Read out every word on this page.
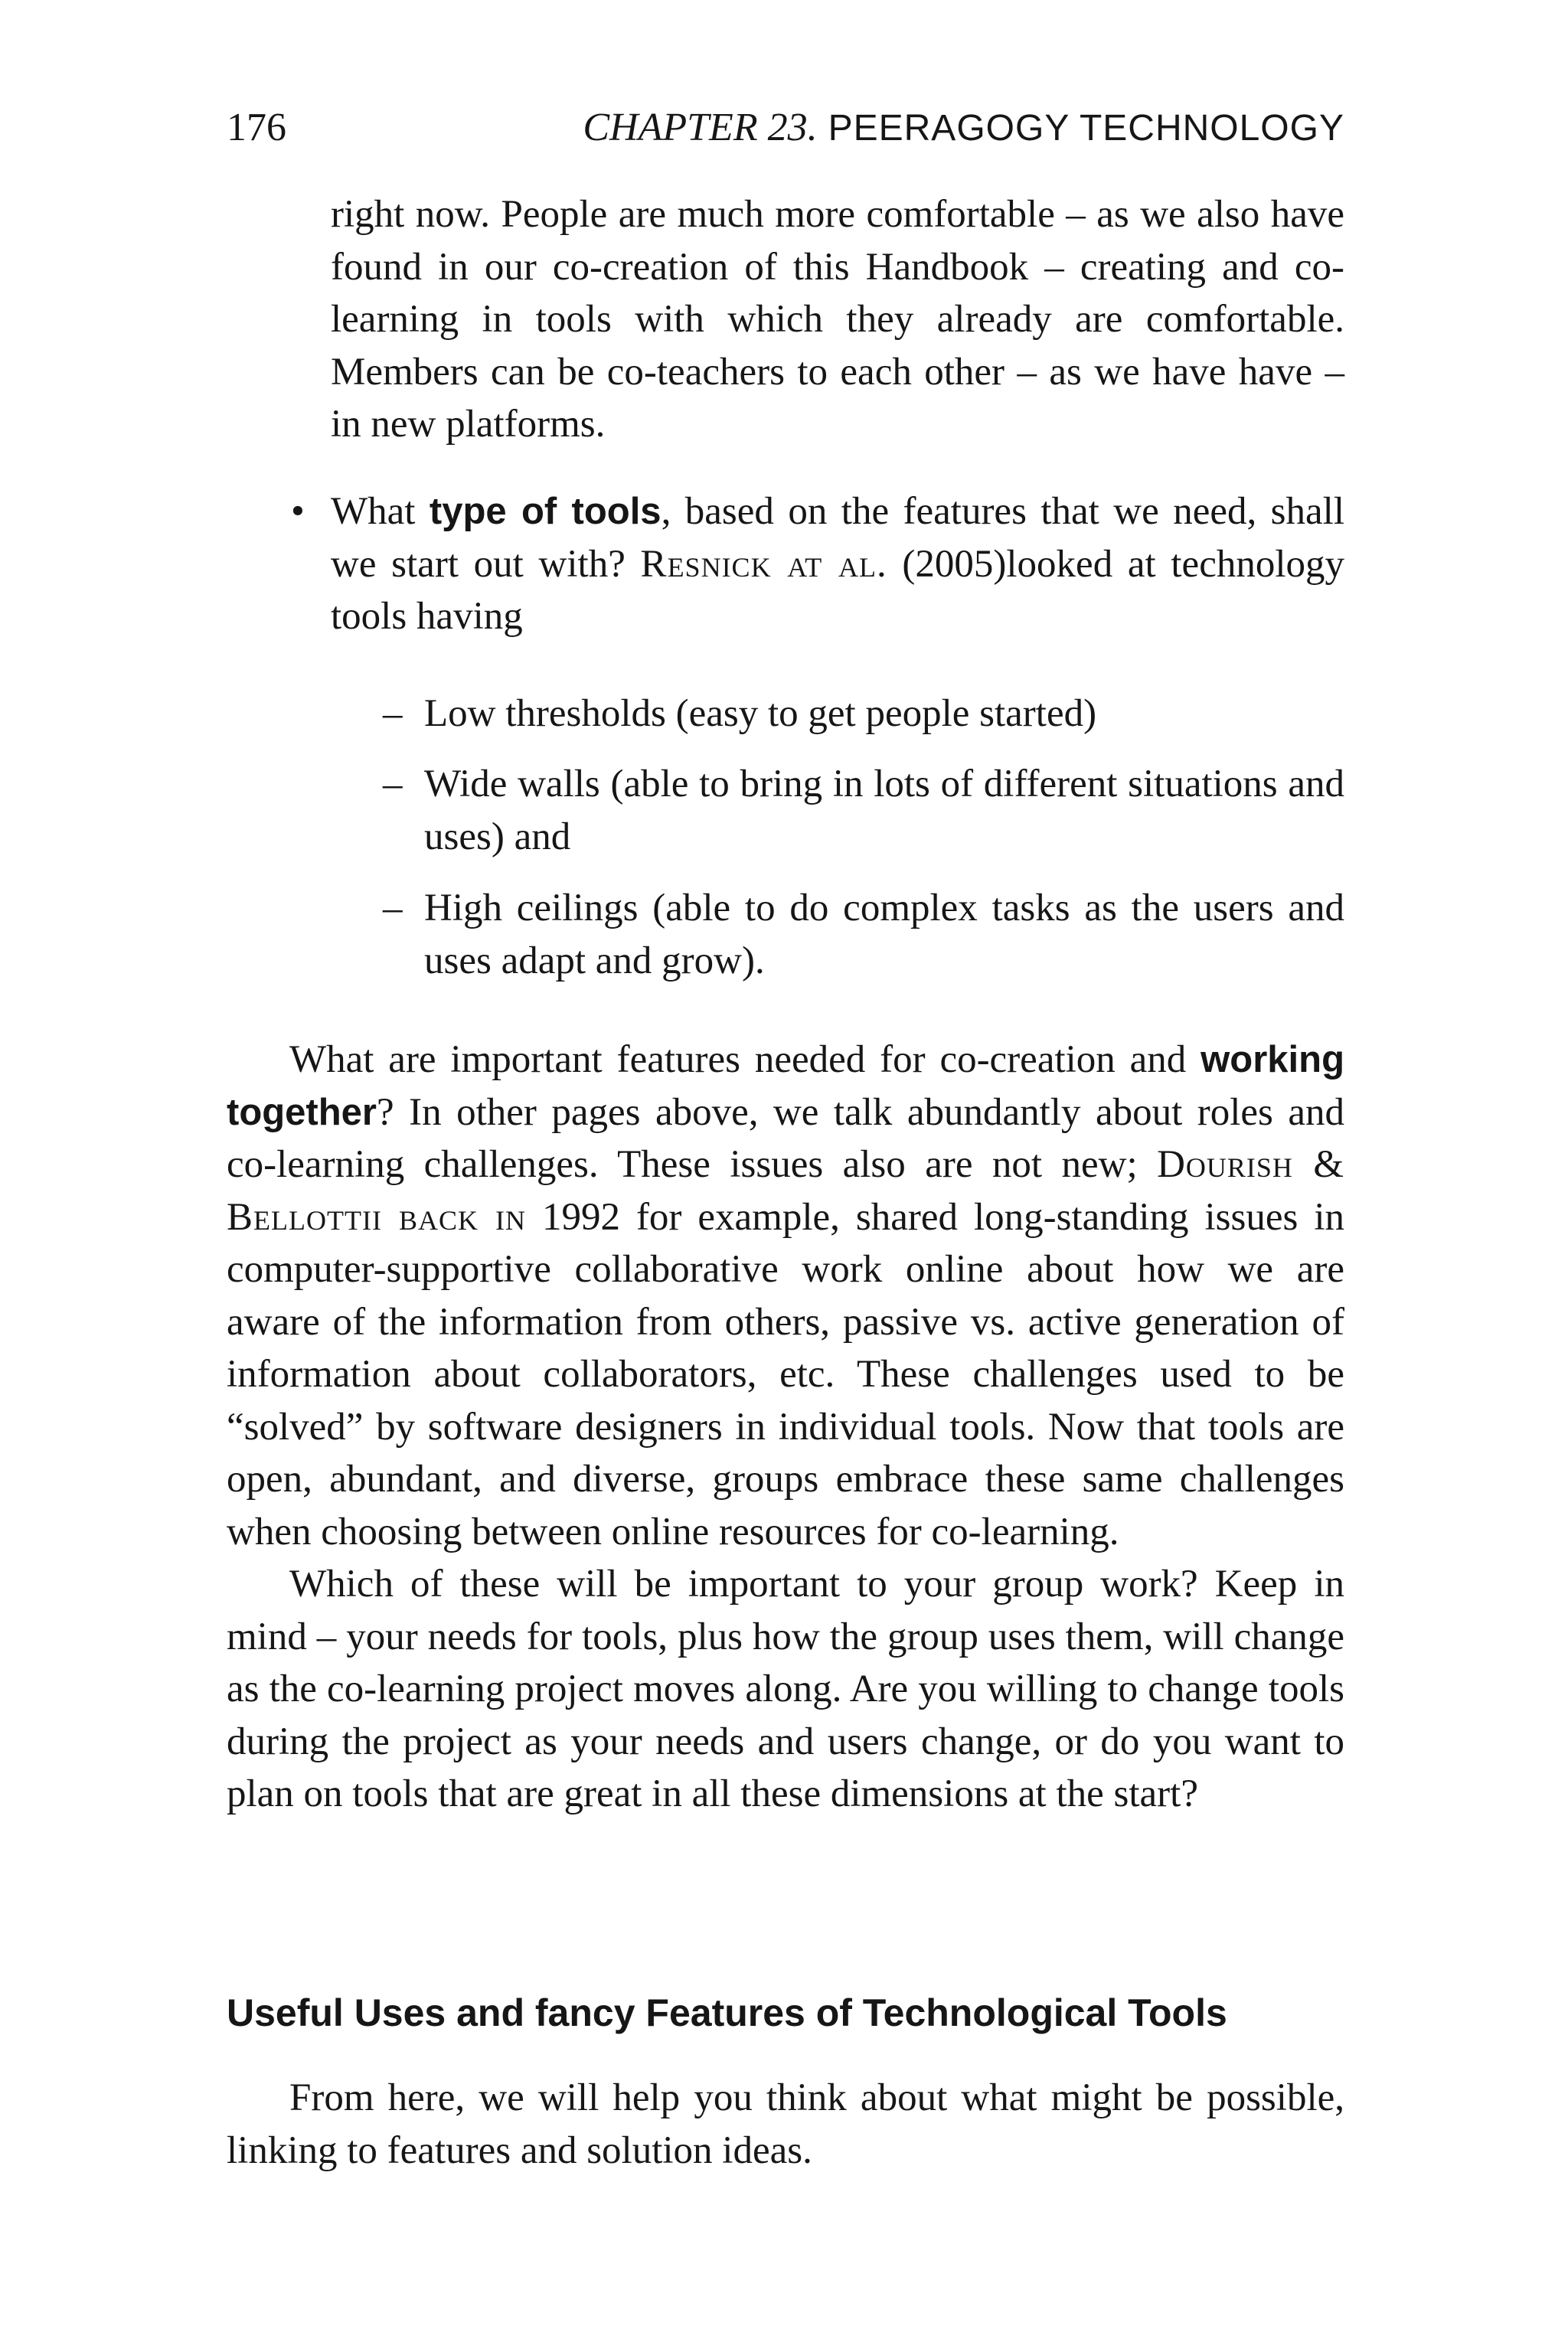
176	CHAPTER 23. PEERAGOGY TECHNOLOGY

right now. People are much more comfortable – as we also have found in our co-creation of this Handbook – creating and co-learning in tools with which they already are comfortable. Members can be co-teachers to each other – as we have have – in new platforms.

• What type of tools, based on the features that we need, shall we start out with? Resnick at al. (2005)looked at technology tools having

– Low thresholds (easy to get people started)

– Wide walls (able to bring in lots of different situations and uses) and

– High ceilings (able to do complex tasks as the users and uses adapt and grow).

What are important features needed for co-creation and working together? In other pages above, we talk abundantly about roles and co-learning challenges. These issues also are not new; Dourish & Bellottii back in 1992 for example, shared long-standing issues in computer-supportive collaborative work online about how we are aware of the information from others, passive vs. active generation of information about collaborators, etc. These challenges used to be “solved” by software designers in individual tools. Now that tools are open, abundant, and diverse, groups embrace these same challenges when choosing between online resources for co-learning.

Which of these will be important to your group work? Keep in mind – your needs for tools, plus how the group uses them, will change as the co-learning project moves along. Are you willing to change tools during the project as your needs and users change, or do you want to plan on tools that are great in all these dimensions at the start?

Useful Uses and fancy Features of Technological Tools

From here, we will help you think about what might be possible, linking to features and solution ideas.
